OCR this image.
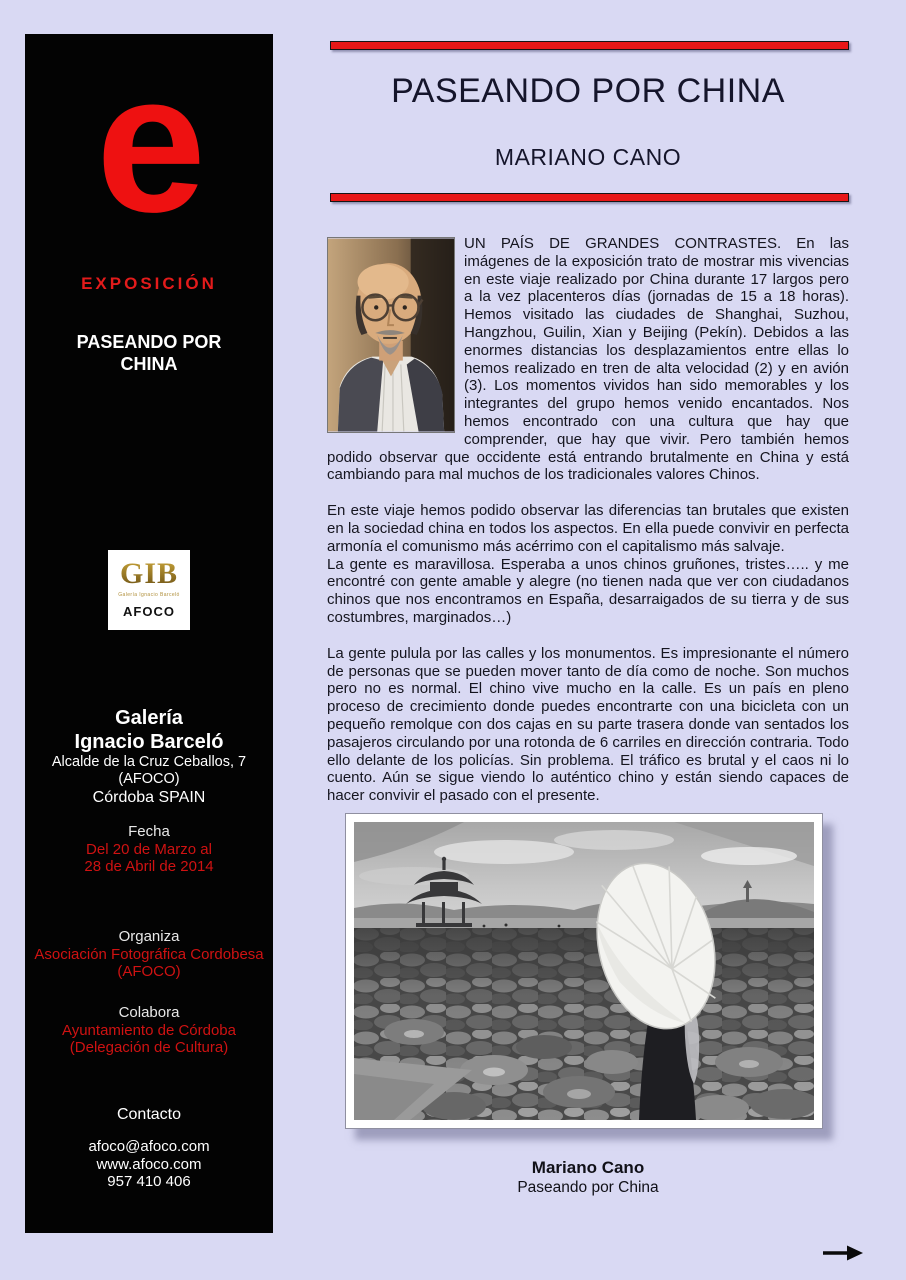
e
EXPOSICIÓN
PASEANDO POR
CHINA
GIB
Galería Ignacio Barceló
AFOCO
Galería
Ignacio Barceló
Alcalde de la Cruz Ceballos, 7
(AFOCO)
Córdoba SPAIN
Fecha
Del 20 de Marzo al
28 de Abril de 2014
Organiza
Asociación Fotográfica Cordobesa
(AFOCO)
Colabora
Ayuntamiento de Córdoba
(Delegación de Cultura)
Contacto
afoco@afoco.com
www.afoco.com
957 410 406
PASEANDO POR CHINA
MARIANO CANO

UN PAÍS DE GRANDES CONTRASTES. En las imágenes de la exposición trato de mostrar mis vivencias en este viaje realizado por China durante 17 largos pero a la vez placenteros días (jornadas de 15 a 18 horas). Hemos visitado las ciudades de Shanghai, Suzhou, Hangzhou, Guilin, Xian y Beijing (Pekín). Debidos a las enormes distancias los desplazamientos entre ellas lo hemos realizado en tren de alta velocidad (2) y en avión (3). Los momentos vividos han sido memorables y los integrantes del grupo hemos venido encantados. Nos hemos encontrado con una cultura que hay que comprender, que hay que vivir. Pero también hemos podido observar que occidente está entrando brutalmente en China y está cambiando para mal muchos de los tradicionales valores Chinos.

En este viaje hemos podido observar las diferencias tan brutales que existen en la sociedad china en todos los aspectos. En ella puede convivir en perfecta armonía el comunismo más acérrimo con el capitalismo más salvaje.

La gente es maravillosa. Esperaba a unos chinos gruñones, tristes….. y me encontré con gente amable y alegre (no tienen nada que ver con ciudadanos chinos que nos encontramos en España, desarraigados de su tierra y de sus costumbres, marginados…)

La gente pulula por las calles y los monumentos. Es impresionante el número de personas que se pueden mover tanto de día como de noche. Son muchos pero no es normal. El chino vive mucho en la calle. Es un país en pleno proceso de crecimiento donde puedes encontrarte con una bicicleta con un pequeño remolque con dos cajas en su parte trasera donde van sentados los pasajeros circulando por una rotonda de 6 carriles en dirección contraria. Todo ello delante de los policías. Sin problema. El tráfico es brutal y el caos ni lo cuento. Aún se sigue viendo lo auténtico chino y están siendo capaces de hacer convivir el pasado con el presente.

Mariano Cano
Paseando por China
